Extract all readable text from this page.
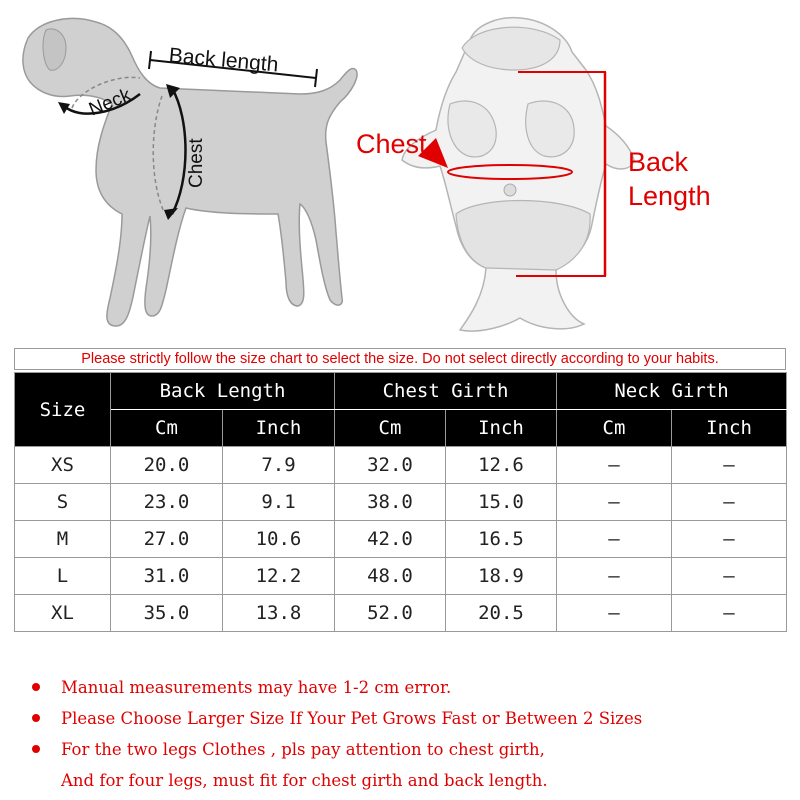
Back length
Neck
Chest	Chest
Back
Length
Please strictly follow the size chart to select the size. Do not select directly according to your habits.
Size	Back Length		Chest Girth		Neck Girth	
	Cm	Inch	Cm	Inch	Cm	Inch
XS	20.0	7.9	32.0	12.6	–	–
S	23.0	9.1	38.0	15.0	–	–
M	27.0	10.6	42.0	16.5	–	–
L	31.0	12.2	48.0	18.9	–	–
XL	35.0	13.8	52.0	20.5	–	–
Manual measurements may have 1-2 cm error.
Please Choose Larger Size If Your Pet Grows Fast or Between 2 Sizes
For the two legs Clothes , pls pay attention to chest girth,
And for four legs, must fit for chest girth and back length.
